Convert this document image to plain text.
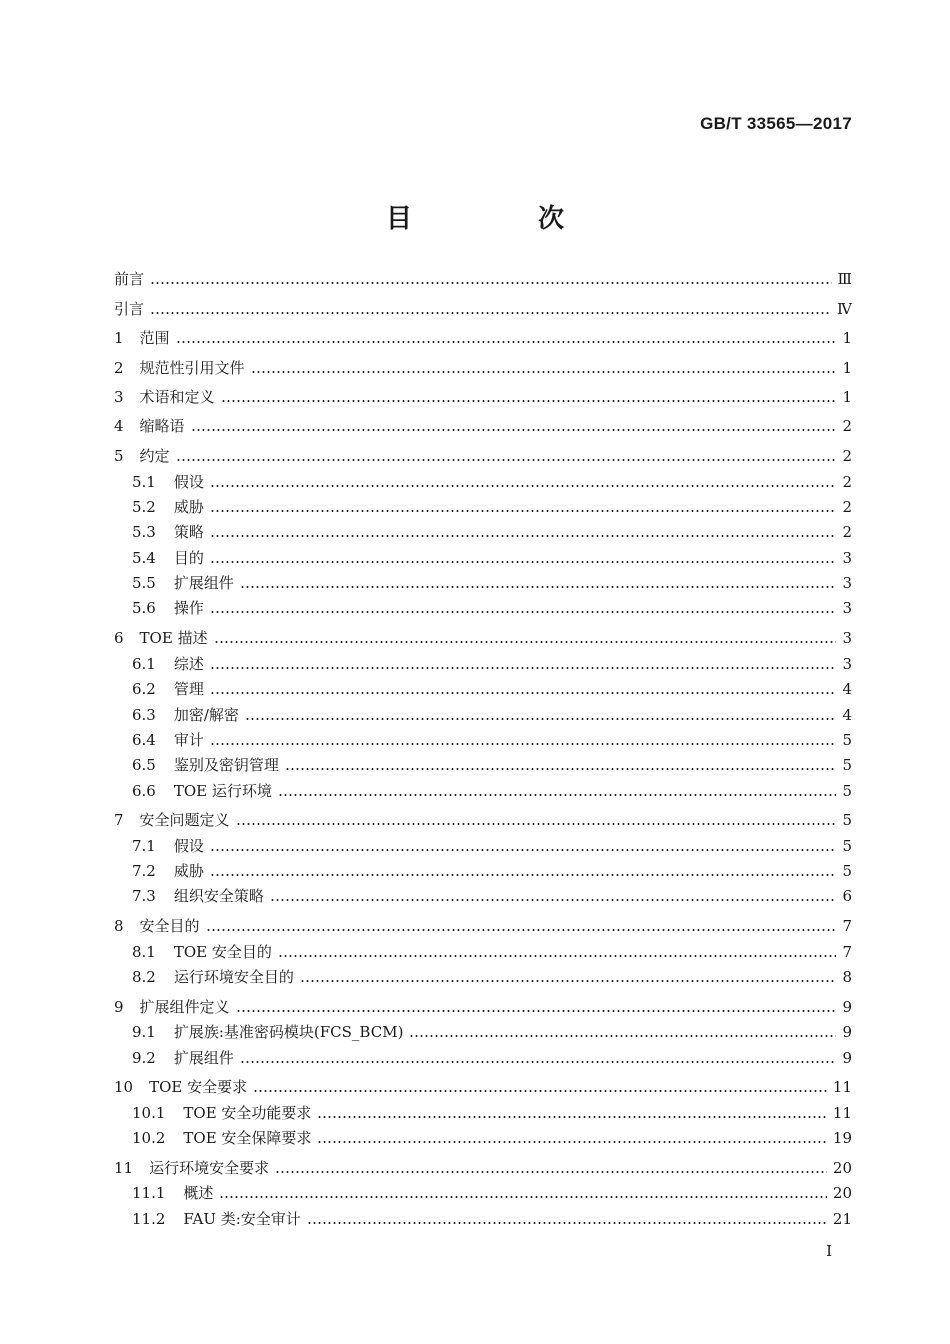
GB/T 33565—2017
目　次
前言	Ⅲ
引言	Ⅳ
1 范围	1
2 规范性引用文件	1
3 术语和定义	1
4 缩略语	2
5 约定	2
5.1 假设	2
5.2 威胁	2
5.3 策略	2
5.4 目的	3
5.5 扩展组件	3
5.6 操作	3
6 TOE 描述	3
6.1 综述	3
6.2 管理	4
6.3 加密/解密	4
6.4 审计	5
6.5 鉴别及密钥管理	5
6.6 TOE 运行环境	5
7 安全问题定义	5
7.1 假设	5
7.2 威胁	5
7.3 组织安全策略	6
8 安全目的	7
8.1 TOE 安全目的	7
8.2 运行环境安全目的	8
9 扩展组件定义	9
9.1 扩展族:基准密码模块(FCS_BCM)	9
9.2 扩展组件	9
10 TOE 安全要求	11
10.1 TOE 安全功能要求	11
10.2 TOE 安全保障要求	19
11 运行环境安全要求	20
11.1 概述	20
11.2 FAU 类:安全审计	21
I
